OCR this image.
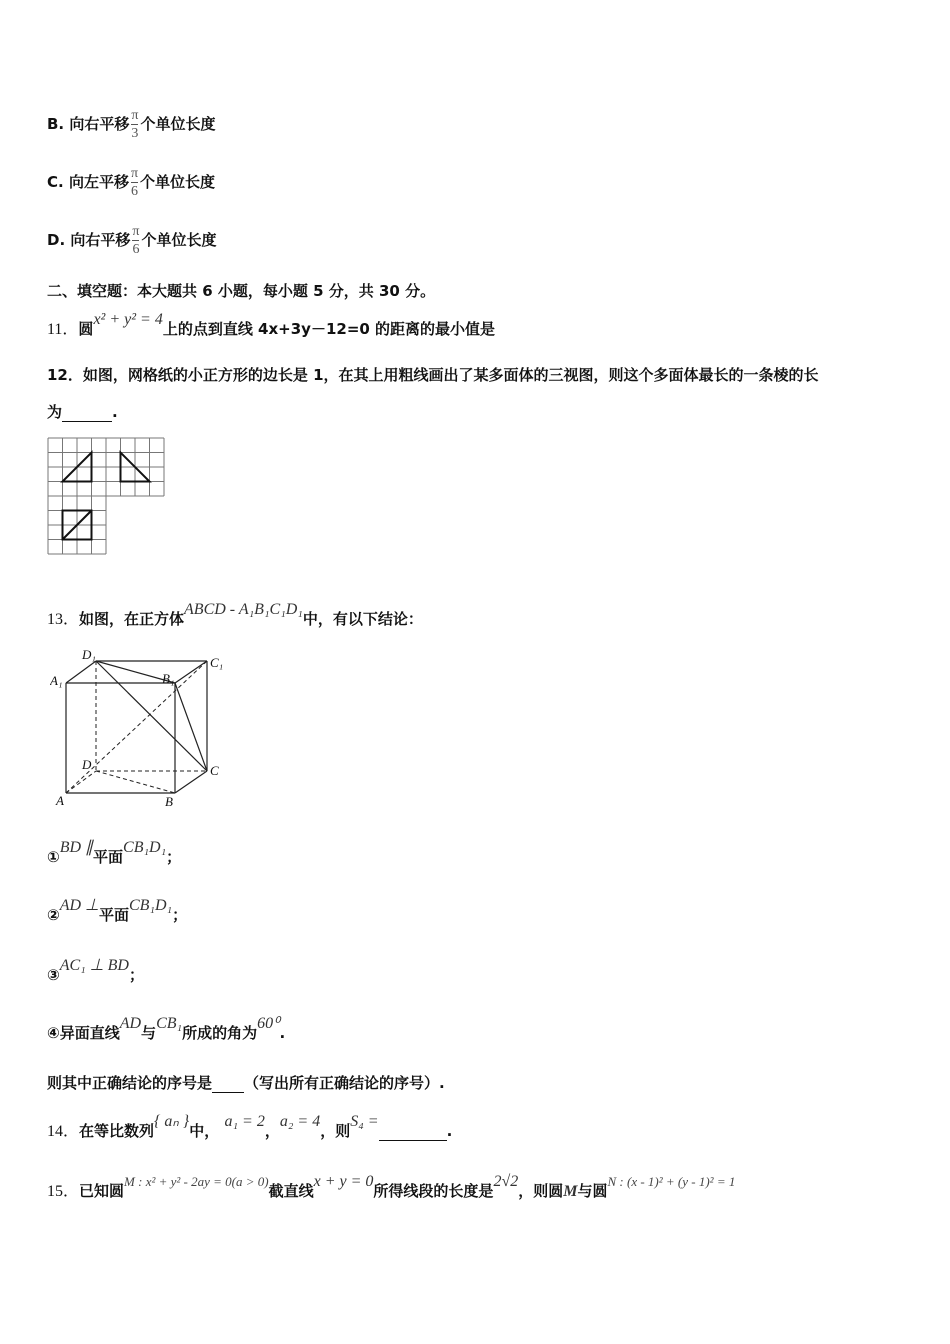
B. 向右平移 $\frac{\pi}{3}$ 个单位长度
C. 向左平移 $\frac{\pi}{6}$ 个单位长度
D. 向右平移 $\frac{\pi}{6}$ 个单位长度
二、填空题：本大题共 6 小题，每小题 5 分，共 30 分。
11．圆x² + y² = 4上的点到直线 4x+3y－12=0 的距离的最小值是
12．如图，网格纸的小正方形的边长是 1，在其上用粗线画出了某多面体的三视图，则这个多面体最长的一条棱的长
为	.
13．如图，在正方体ABCD - A₁B₁C₁D₁中，有以下结论：
D₁
C₁
A₁	B₁
D	C
A	B
①BD ∥平面CB₁D₁；
②AD ⊥平面CB₁D₁；
③AC₁ ⊥ BD；
④异面直线AD与CB₁所成的角为60⁰.
则其中正确结论的序号是 （写出所有正确结论的序号）.
14．在等比数列{ aₙ }中， a₁ = 2，a₂ = 4，则S₄ =.
15．已知圆M : x² + y² - 2ay = 0(a > 0)截直线x + y = 0所得线段的长度是2√2，则圆M与圆N : (x - 1)² + (y - 1)² = 1
